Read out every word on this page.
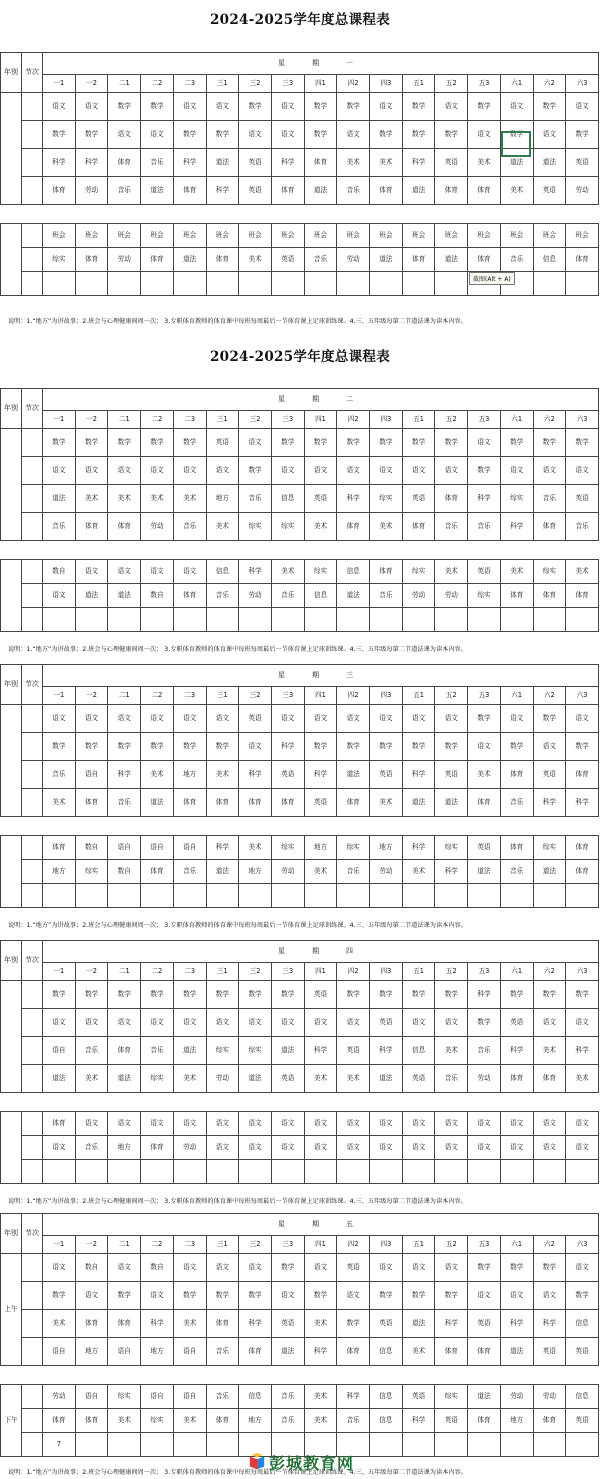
2024-2025学年度总课程表
年别	节次	星　期　一																
		一1	一2	二1	二2	二3	三1	三2	三3	四1	四2	四3	五1	五2	五3	六1	六2	六3
		语文	语文	数学	数学	语文	语文	数学	语文	数学	数学	语文	数学	语文	数学	语文	数学	语文
		数学	数学	语文	语文	数学	数学	语文	语文	数学	语文	数学	数学	数学	语文	数学	语文	数学
		科学	科学	体育	音乐	科学	道法	英语	科学	体育	美术	美术	科学	英语	美术	道法	道法	英语
		体育	劳动	音乐	道法	体育	科学	英语	体育	道法	音乐	体育	道法	体育	体育	美术	英语	劳动

		班会	班会	班会	班会	班会	班会	班会	班会	班会	班会	班会	班会	班会	班会	班会	班会	班会
		综实	体育	劳动	体育	道法	体育	美术	英语	音乐	劳动	道法	体育	道法	体育	音乐	信息	体育

说明：1.“地方”为讲故事；2.班会与心理健康间周一次； 3.专职体育教师的体育课中每班每周最后一节体育课上足球训练课。4.三、五年级每第二节道法课为读本内容。
2024-2025学年度总课程表
年别	节次	星　期　二																
		一1	一2	二1	二2	二3	三1	三2	三3	四1	四2	四3	五1	五2	五3	六1	六2	六3
		数学	数学	数学	数学	数学	英语	语文	数学	数学	数学	数学	数学	数学	语文	数学	数学	数学
		语文	语文	语文	语文	语文	语文	数学	语文	语文	语文	语文	语文	语文	数学	语文	语文	语文
		道法	美术	美术	美术	美术	地方	音乐	信息	英语	科学	综实	英语	体育	科学	综实	音乐	英语
		音乐	体育	体育	劳动	音乐	美术	综实	综实	美术	体育	美术	体育	音乐	音乐	科学	体育	音乐

		数自	语文	语文	语文	语文	信息	科学	美术	综实	信息	体育	综实	美术	英语	美术	综实	美术
		语文	道法	道法	数自	体育	音乐	劳动	音乐	信息	道法	音乐	劳动	劳动	综实	体育	体育	体育

说明：1.“地方”为讲故事；2.班会与心理健康间周一次； 3.专职体育教师的体育课中每班每周最后一节体育课上足球训练课。4.三、五年级每第二节道法课为读本内容。
年别	节次	星　期　三																
		一1	一2	二1	二2	二3	三1	三2	三3	四1	四2	四3	五1	五2	五3	六1	六2	六3
		语文	语文	语文	语文	语文	语文	英语	语文	语文	语文	语文	语文	语文	数学	语文	数学	语文
		数学	数学	数学	数学	数学	数学	语文	科学	数学	数学	数学	数学	数学	语文	数学	语文	数学
		音乐	语自	科学	美术	地方	美术	科学	英语	科学	道法	英语	科学	英语	美术	体育	英语	体育
		美术	体育	音乐	道法	体育	体育	体育	体育	英语	体育	美术	道法	道法	体育	音乐	科学	科学

		体育	数自	语自	语自	语自	科学	美术	综实	地方	综实	地方	科学	综实	英语	体育	综实	体育
		地方	综实	数自	体育	音乐	道法	地方	劳动	美术	音乐	劳动	美术	科学	道法	音乐	道法	体育

说明：1.“地方”为讲故事；2.班会与心理健康间周一次； 3.专职体育教师的体育课中每班每周最后一节体育课上足球训练课。4.三、五年级每第二节道法课为读本内容。
年别	节次	星　期　四																
		一1	一2	二1	二2	二3	三1	三2	三3	四1	四2	四3	五1	五2	五3	六1	六2	六3
		数学	数学	数学	数学	数学	数学	数学	数学	英语	数学	数学	数学	数学	科学	数学	数学	数学
		语文	语文	语文	语文	语文	语文	语文	语文	语文	语文	英语	语文	语文	数学	英语	语文	语文
		语自	音乐	体育	音乐	道法	综实	综实	道法	科学	英语	科学	信息	美术	音乐	科学	美术	科学
		道法	美术	道法	综实	美术	劳动	道法	英语	美术	美术	道法	英语	音乐	劳动	体育	体育	美术

		体育	语文	语文	语文	语文	语文	语文	语文	语文	语文	语文	语文	语文	语文	语文	语文	语文
		语文	音乐	地方	体育	劳动	语文	语文	语文	语文	语文	语文	语文	语文	语文	语文	语文	语文

说明：1.“地方”为讲故事；2.班会与心理健康间周一次； 3.专职体育教师的体育课中每班每周最后一节体育课上足球训练课。4.三、五年级每第二节道法课为读本内容。
年别	节次	星　期　五																
		一1	一2	二1	二2	二3	三1	三2	三3	四1	四2	四3	五1	五2	五3	六1	六2	六3
上午		语文	数自	语文	数自	语文	语文	语文	数学	语文	英语	语文	语文	语文	数学	数学	数学	语文
		数学	语文	数学	语文	数学	数学	数学	语文	数学	语文	数学	数学	数学	语文	语文	语文	数学
		美术	体育	体育	科学	美术	体育	科学	英语	美术	数学	英语	道法	科学	英语	科学	科学	信息
		语自	地方	语自	地方	语自	音乐	体育	道法	科学	体育	信息	美术	体育	体育	道法	英语	英语

下午		劳动	语自	综实	语自	语自	音乐	信息	音乐	美术	科学	信息	英语	综实	道法	劳动	劳动	信息
		体育	体育	美术	综实	美术	体育	地方	音乐	美术	音乐	信息	科学	英语	体育	地方	体育	英语
		7																
说明：1.“地方”为讲故事；2.班会与心理健康间周一次； 3.专职体育教师的体育课中每班每周最后一节体育课上足球训练课。4.三、五年级每第二节道法课为读本内容。
截图(Alt + A)
彭城教育网
